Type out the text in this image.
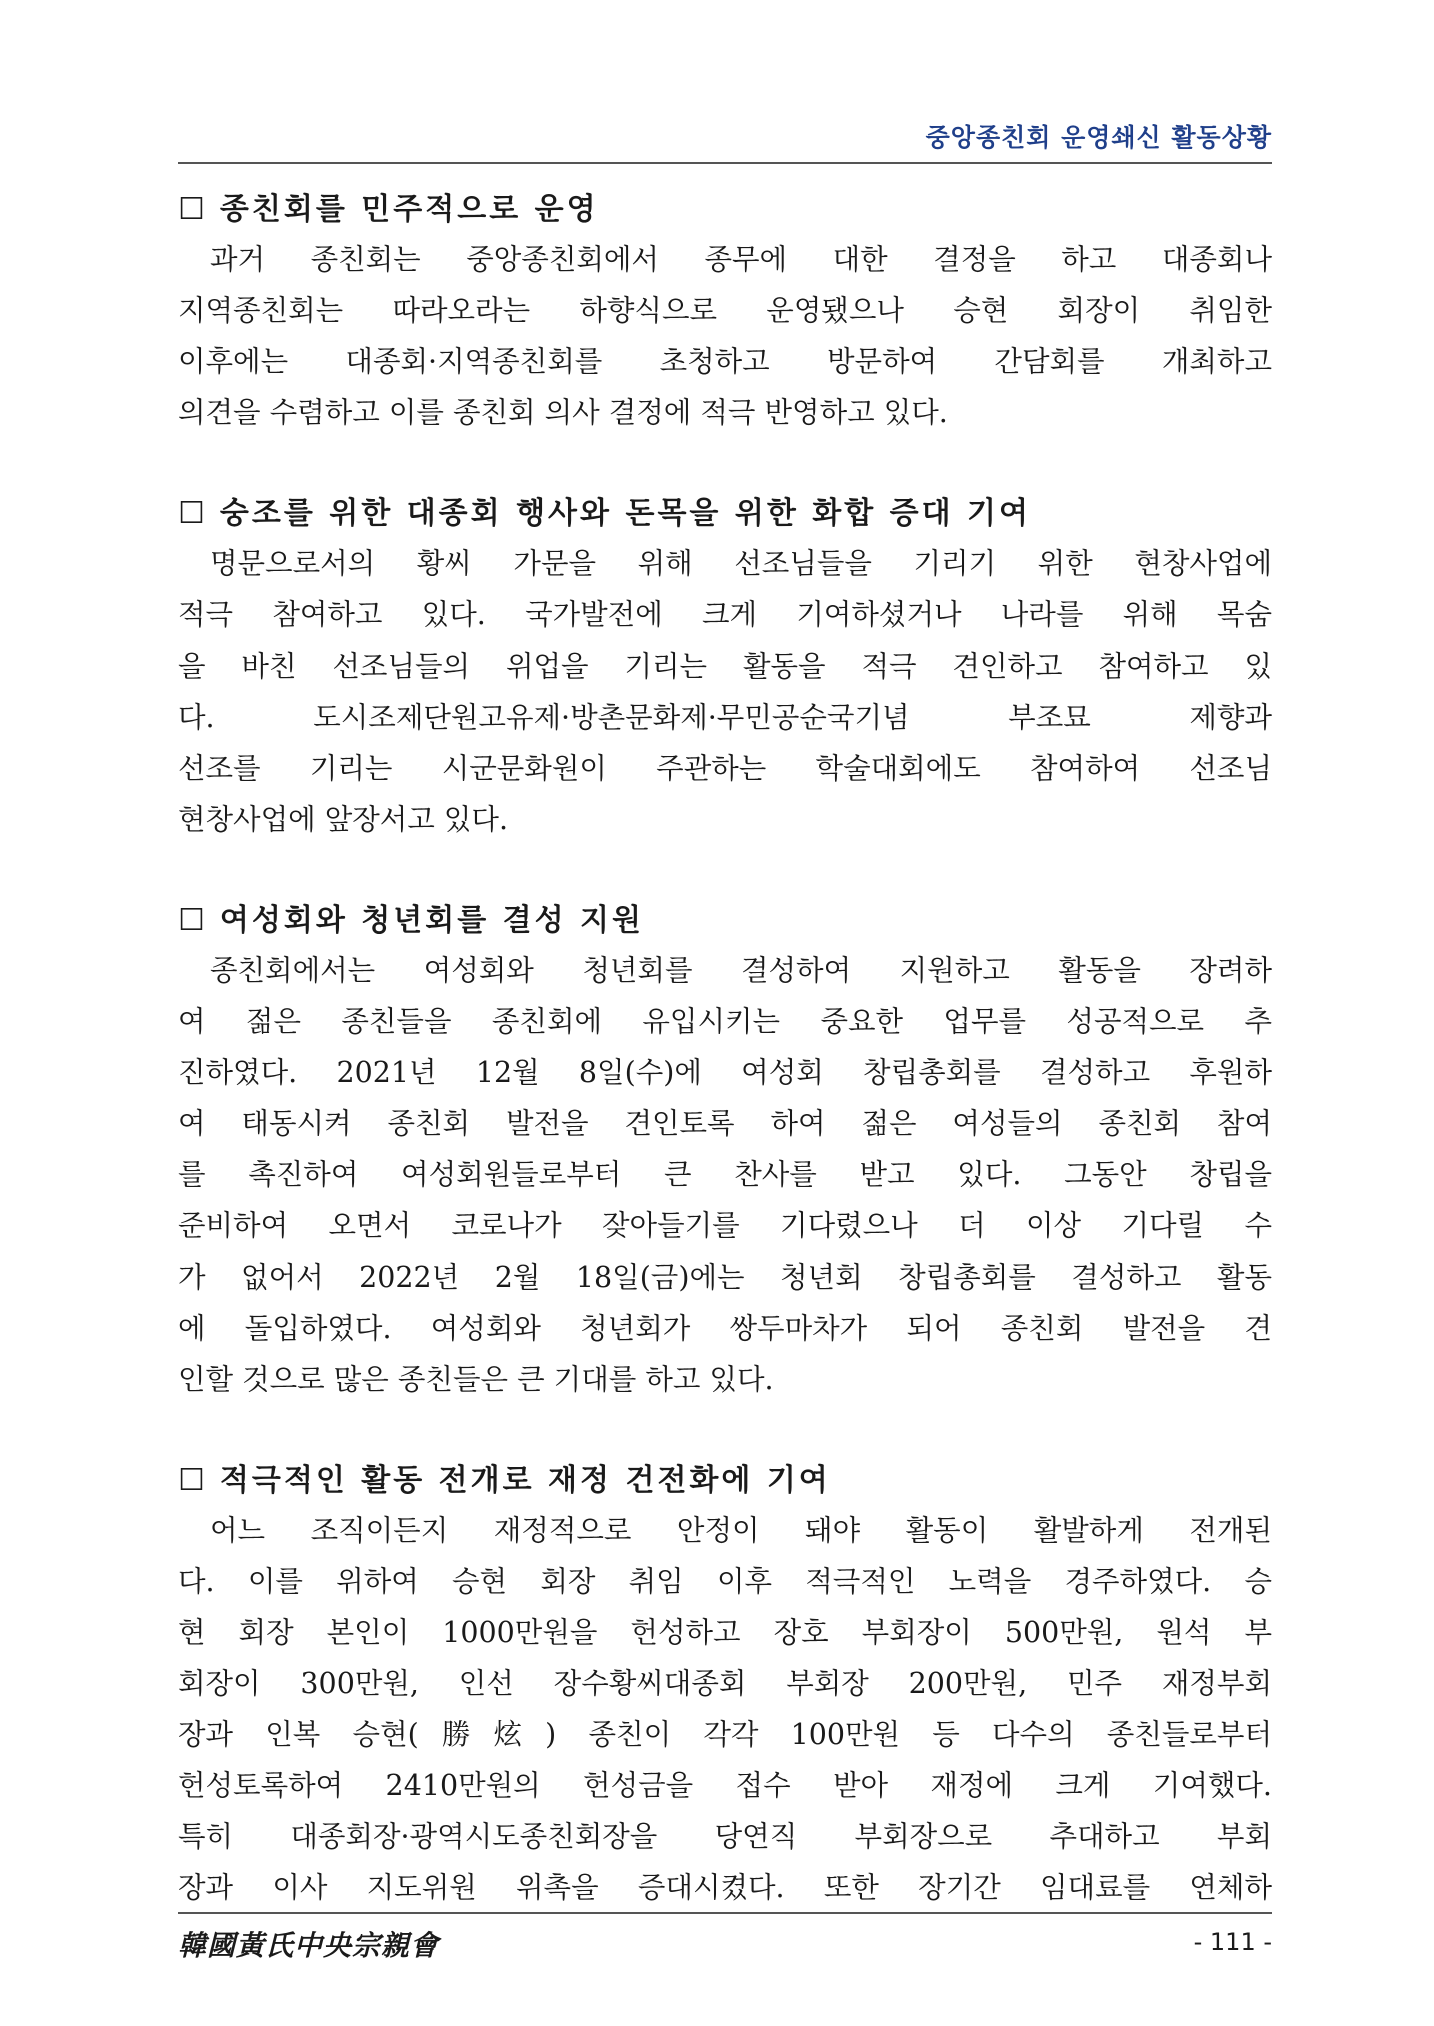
중앙종친회 운영쇄신 활동상황
☐ 종친회를 민주적으로 운영
과거 종친회는 중앙종친회에서 종무에 대한 결정을 하고 대종회나
지역종친회는 따라오라는 하향식으로 운영됐으나 승현 회장이 취임한
이후에는 대종회·지역종친회를 초청하고 방문하여 간담회를 개최하고
의견을 수렴하고 이를 종친회 의사 결정에 적극 반영하고 있다.
☐ 숭조를 위한 대종회 행사와 돈목을 위한 화합 증대 기여
명문으로서의 황씨 가문을 위해 선조님들을 기리기 위한 현창사업에
적극 참여하고 있다. 국가발전에 크게 기여하셨거나 나라를 위해 목숨
을 바친 선조님들의 위업을 기리는 활동을 적극 견인하고 참여하고 있
다. 도시조제단원고유제·방촌문화제·무민공순국기념 부조묘 제향과
선조를 기리는 시군문화원이 주관하는 학술대회에도 참여하여 선조님
현창사업에 앞장서고 있다.
☐ 여성회와 청년회를 결성 지원
종친회에서는 여성회와 청년회를 결성하여 지원하고 활동을 장려하
여 젊은 종친들을 종친회에 유입시키는 중요한 업무를 성공적으로 추
진하였다. 2021년 12월 8일(수)에 여성회 창립총회를 결성하고 후원하
여 태동시켜 종친회 발전을 견인토록 하여 젊은 여성들의 종친회 참여
를 촉진하여 여성회원들로부터 큰 찬사를 받고 있다. 그동안 창립을
준비하여 오면서 코로나가 잦아들기를 기다렸으나 더 이상 기다릴 수
가 없어서 2022년 2월 18일(금)에는 청년회 창립총회를 결성하고 활동
에 돌입하였다. 여성회와 청년회가 쌍두마차가 되어 종친회 발전을 견
인할 것으로 많은 종친들은 큰 기대를 하고 있다.
☐ 적극적인 활동 전개로 재정 건전화에 기여
어느 조직이든지 재정적으로 안정이 돼야 활동이 활발하게 전개된
다. 이를 위하여 승현 회장 취임 이후 적극적인 노력을 경주하였다. 승
현 회장 본인이 1000만원을 헌성하고 장호 부회장이 500만원, 원석 부
회장이 300만원, 인선 장수황씨대종회 부회장 200만원, 민주 재정부회
장과 인복 승현(勝炫) 종친이 각각 100만원 등 다수의 종친들로부터
헌성토록하여 2410만원의 헌성금을 접수 받아 재정에 크게 기여했다.
특히 대종회장·광역시도종친회장을 당연직 부회장으로 추대하고 부회
장과 이사 지도위원 위촉을 증대시켰다. 또한 장기간 임대료를 연체하
韓國黃氏中央宗親會	- 111 -
